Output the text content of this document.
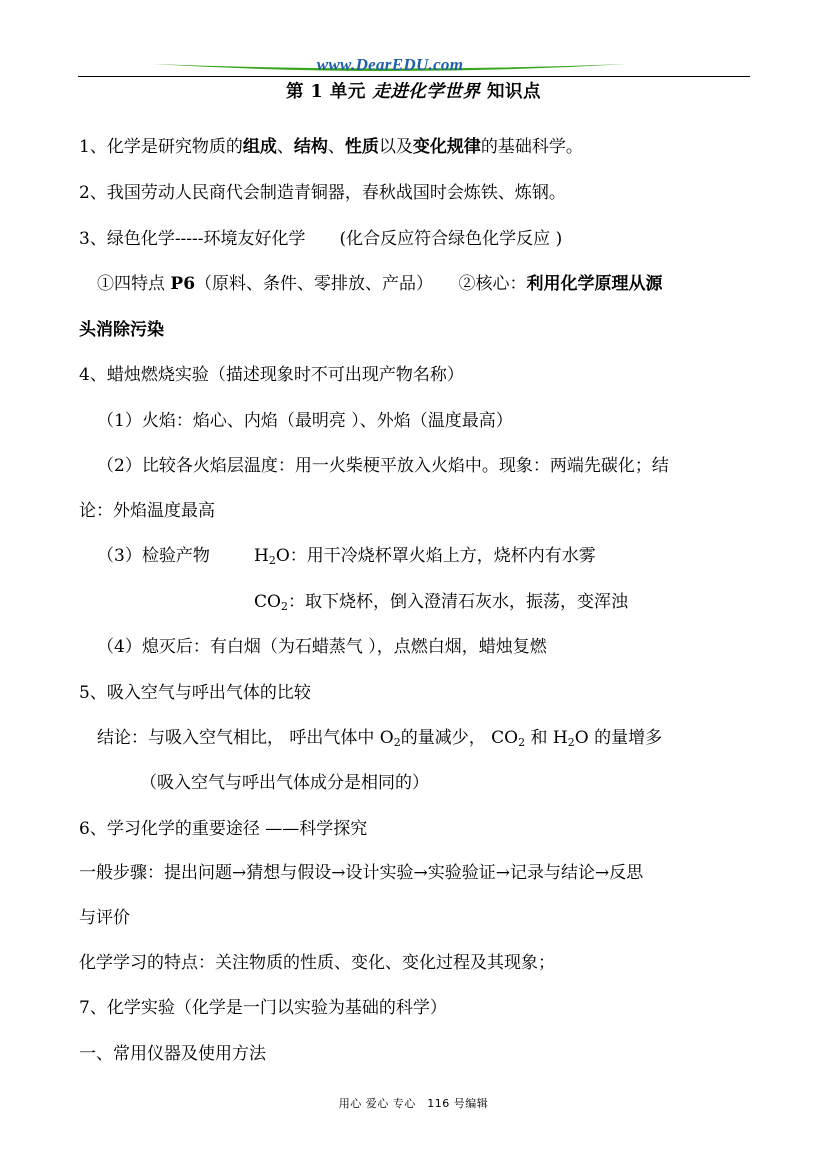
www.DearEDU.com
第 1 单元 走进化学世界 知识点
1、化学是研究物质的组成、结构、性质以及变化规律的基础科学。
2、我国劳动人民商代会制造青铜器，春秋战国时会炼铁、炼钢。
3、绿色化学-----环境友好化学　　(化合反应符合绿色化学反应 )
①四特点 P6（原料、条件、零排放、产品）　　②核心：利用化学原理从源
头消除污染
4、蜡烛燃烧实验（描述现象时不可出现产物名称）
（1）火焰：焰心、内焰（最明亮 ）、外焰（温度最高）
（2）比较各火焰层温度：用一火柴梗平放入火焰中。现象：两端先碳化；结
论：外焰温度最高
（3）检验产物	$H_2O$：用干冷烧杯罩火焰上方，烧杯内有水雾
$CO_2$：取下烧杯，倒入澄清石灰水，振荡，变浑浊
（4）熄灭后：有白烟（为石蜡蒸气 ），点燃白烟，蜡烛复燃
5、吸入空气与呼出气体的比较
结论：与吸入空气相比， 呼出气体中 $O_2$的量减少， $CO_2$ 和 $H_2O$ 的量增多
（吸入空气与呼出气体成分是相同的）
6、学习化学的重要途径 ——科学探究
一般步骤：提出问题→猜想与假设→设计实验→实验验证→记录与结论→反思
与评价
化学学习的特点：关注物质的性质、变化、变化过程及其现象；
7、化学实验（化学是一门以实验为基础的科学）
一、常用仪器及使用方法
用心 爱心 专心　116 号编辑
